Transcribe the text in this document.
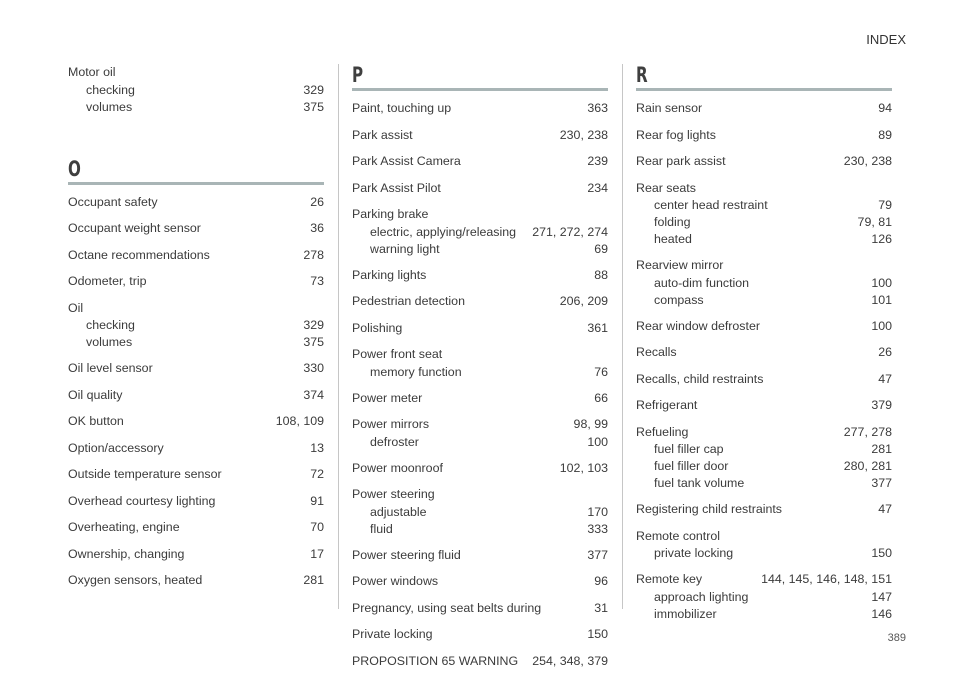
INDEX
Motor oil
checking	329
volumes	375
O
Occupant safety	26
Occupant weight sensor	36
Octane recommendations	278
Odometer, trip	73
Oil
checking	329
volumes	375
Oil level sensor	330
Oil quality	374
OK button	108, 109
Option/accessory	13
Outside temperature sensor	72
Overhead courtesy lighting	91
Overheating, engine	70
Ownership, changing	17
Oxygen sensors, heated	281
P
Paint, touching up	363
Park assist	230, 238
Park Assist Camera	239
Park Assist Pilot	234
Parking brake
electric, applying/releasing 271, 272, 274
warning light	69
Parking lights	88
Pedestrian detection	206, 209
Polishing	361
Power front seat
memory function	76
Power meter	66
Power mirrors	98, 99
defroster	100
Power moonroof	102, 103
Power steering
adjustable	170
fluid	333
Power steering fluid	377
Power windows	96
Pregnancy, using seat belts during	31
Private locking	150
PROPOSITION 65 WARNING 254, 348, 379
R
Rain sensor	94
Rear fog lights	89
Rear park assist	230, 238
Rear seats
center head restraint	79
folding	79, 81
heated	126
Rearview mirror
auto-dim function	100
compass	101
Rear window defroster	100
Recalls	26
Recalls, child restraints	47
Refrigerant	379
Refueling	277, 278
fuel filler cap	281
fuel filler door	280, 281
fuel tank volume	377
Registering child restraints	47
Remote control
private locking	150
Remote key	144, 145, 146, 148, 151
approach lighting	147
immobilizer	146
389
